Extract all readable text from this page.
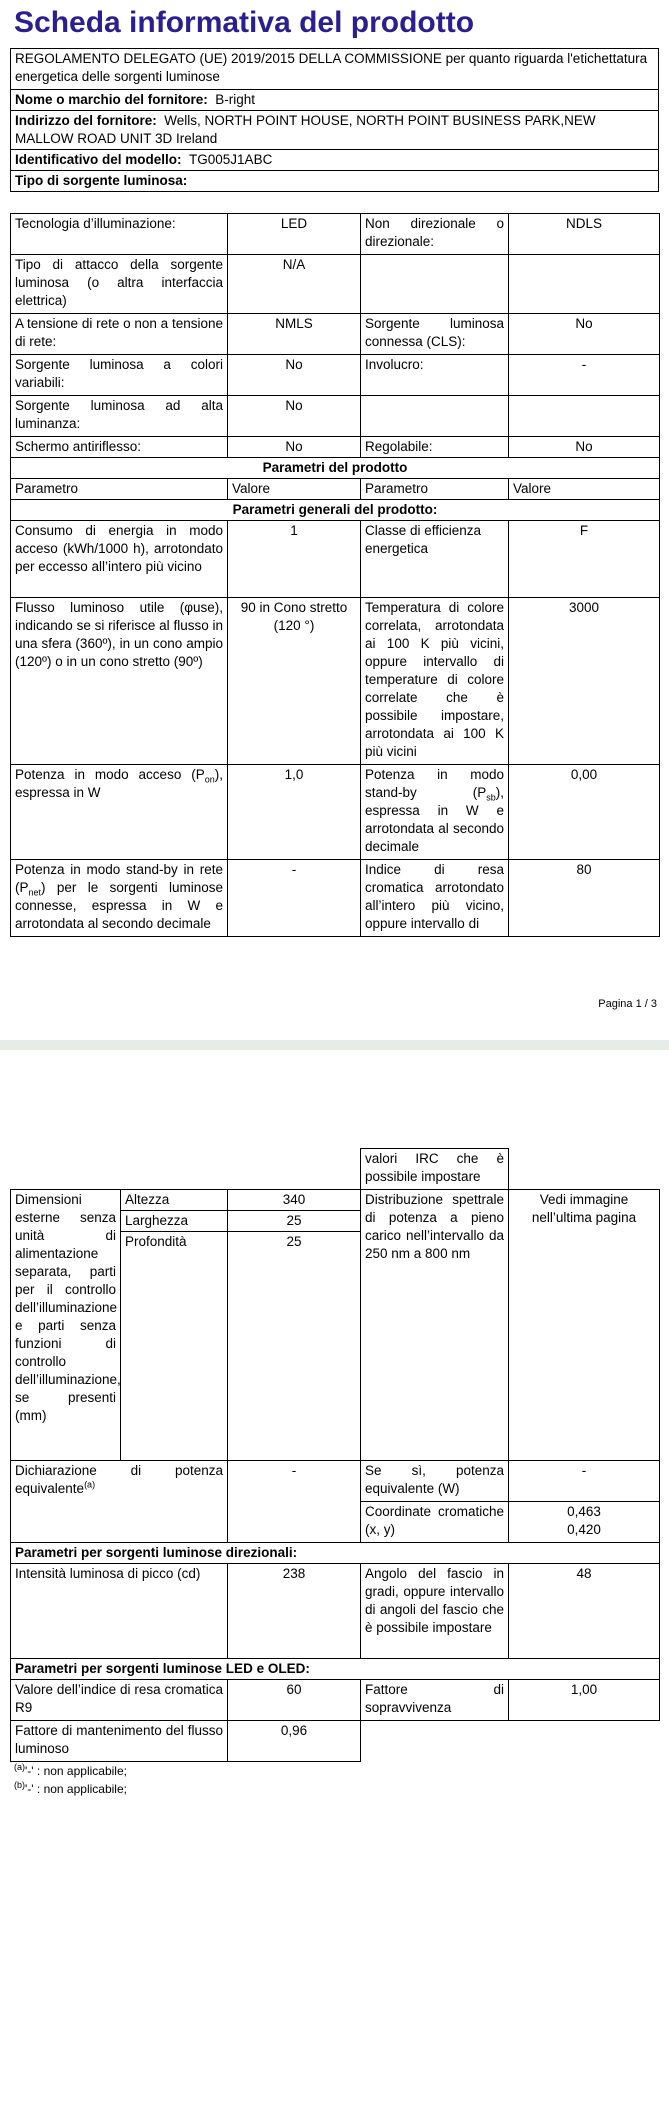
Scheda informativa del prodotto
REGOLAMENTO DELEGATO (UE) 2019/2015 DELLA COMMISSIONE per quanto riguarda l'etichettatura energetica delle sorgenti luminose
Nome o marchio del fornitore: B-right
Indirizzo del fornitore: Wells, NORTH POINT HOUSE, NORTH POINT BUSINESS PARK,NEW MALLOW ROAD UNIT 3D Ireland
Identificativo del modello: TG005J1ABC
Tipo di sorgente luminosa:
Tecnologia d’illuminazione:	LED	Non direzionale o direzionale:	NDLS
Tipo di attacco della sorgente luminosa (o altra interfaccia elettrica)	N/A		
A tensione di rete o non a tensione di rete:	NMLS	Sorgente luminosa connessa (CLS):	No
Sorgente luminosa a colori variabili:	No	Involucro:	-
Sorgente luminosa ad alta luminanza:	No		
Schermo antiriflesso:	No	Regolabile:	No
Parametri del prodotto			
Parametro	Valore	Parametro	Valore
Parametri generali del prodotto:			
Consumo di energia in modo acceso (kWh/1000 h), arrotondato per eccesso all’intero più vicino	1	Classe di efficienza energetica	F
Flusso luminoso utile (φuse), indicando se si riferisce al flusso in una sfera (360º), in un cono ampio (120º) o in un cono stretto (90º)	90 in Cono stretto (120 °)	Temperatura di colore correlata, arrotondata ai 100 K più vicini, oppure intervallo di temperature di colore correlate che è possibile impostare, arrotondata ai 100 K più vicini	3000
Potenza in modo acceso $(P_{on})$, espressa in W	1,0	Potenza in modo stand-by $(P_{sb})$, espressa in W e arrotondata al secondo decimale	0,00
Potenza in modo stand-by in rete $(P_{net})$ per le sorgenti luminose connesse, espressa in W e arrotondata al secondo decimale	-	Indice di resa cromatica arrotondato all’intero più vicino, oppure intervallo di	80
Pagina 1 / 3
			valori IRC che è possibile impostare	
Dimensioni esterne senza unità di alimentazione separata, parti per il controllo dell’illuminazione e parti senza funzioni di controllo dell’illuminazione, se presenti (mm)	Altezza	340	Distribuzione spettrale di potenza a pieno carico nell’intervallo da 250 nm a 800 nm	Vedi immagine nell’ultima pagina
	Larghezza	25		
	Profondità	25		
Dichiarazione di potenza equivalente$^{(a)}$		-	Se sì, potenza equivalente (W)	-
			Coordinate cromatiche (x, y)	0,463
0,420

Parametri per sorgenti luminose direzionali:				
Intensità luminosa di picco (cd)		238	Angolo del fascio in gradi, oppure intervallo di angoli del fascio che è possibile impostare	48
Parametri per sorgenti luminose LED e OLED:				
Valore dell’indice di resa cromatica R9		60	Fattore di sopravvivenza	1,00
Fattore di mantenimento del flusso luminoso		0,96		
$^{(a)}$'-' : non applicabile;
$^{(b)}$'-' : non applicabile;
